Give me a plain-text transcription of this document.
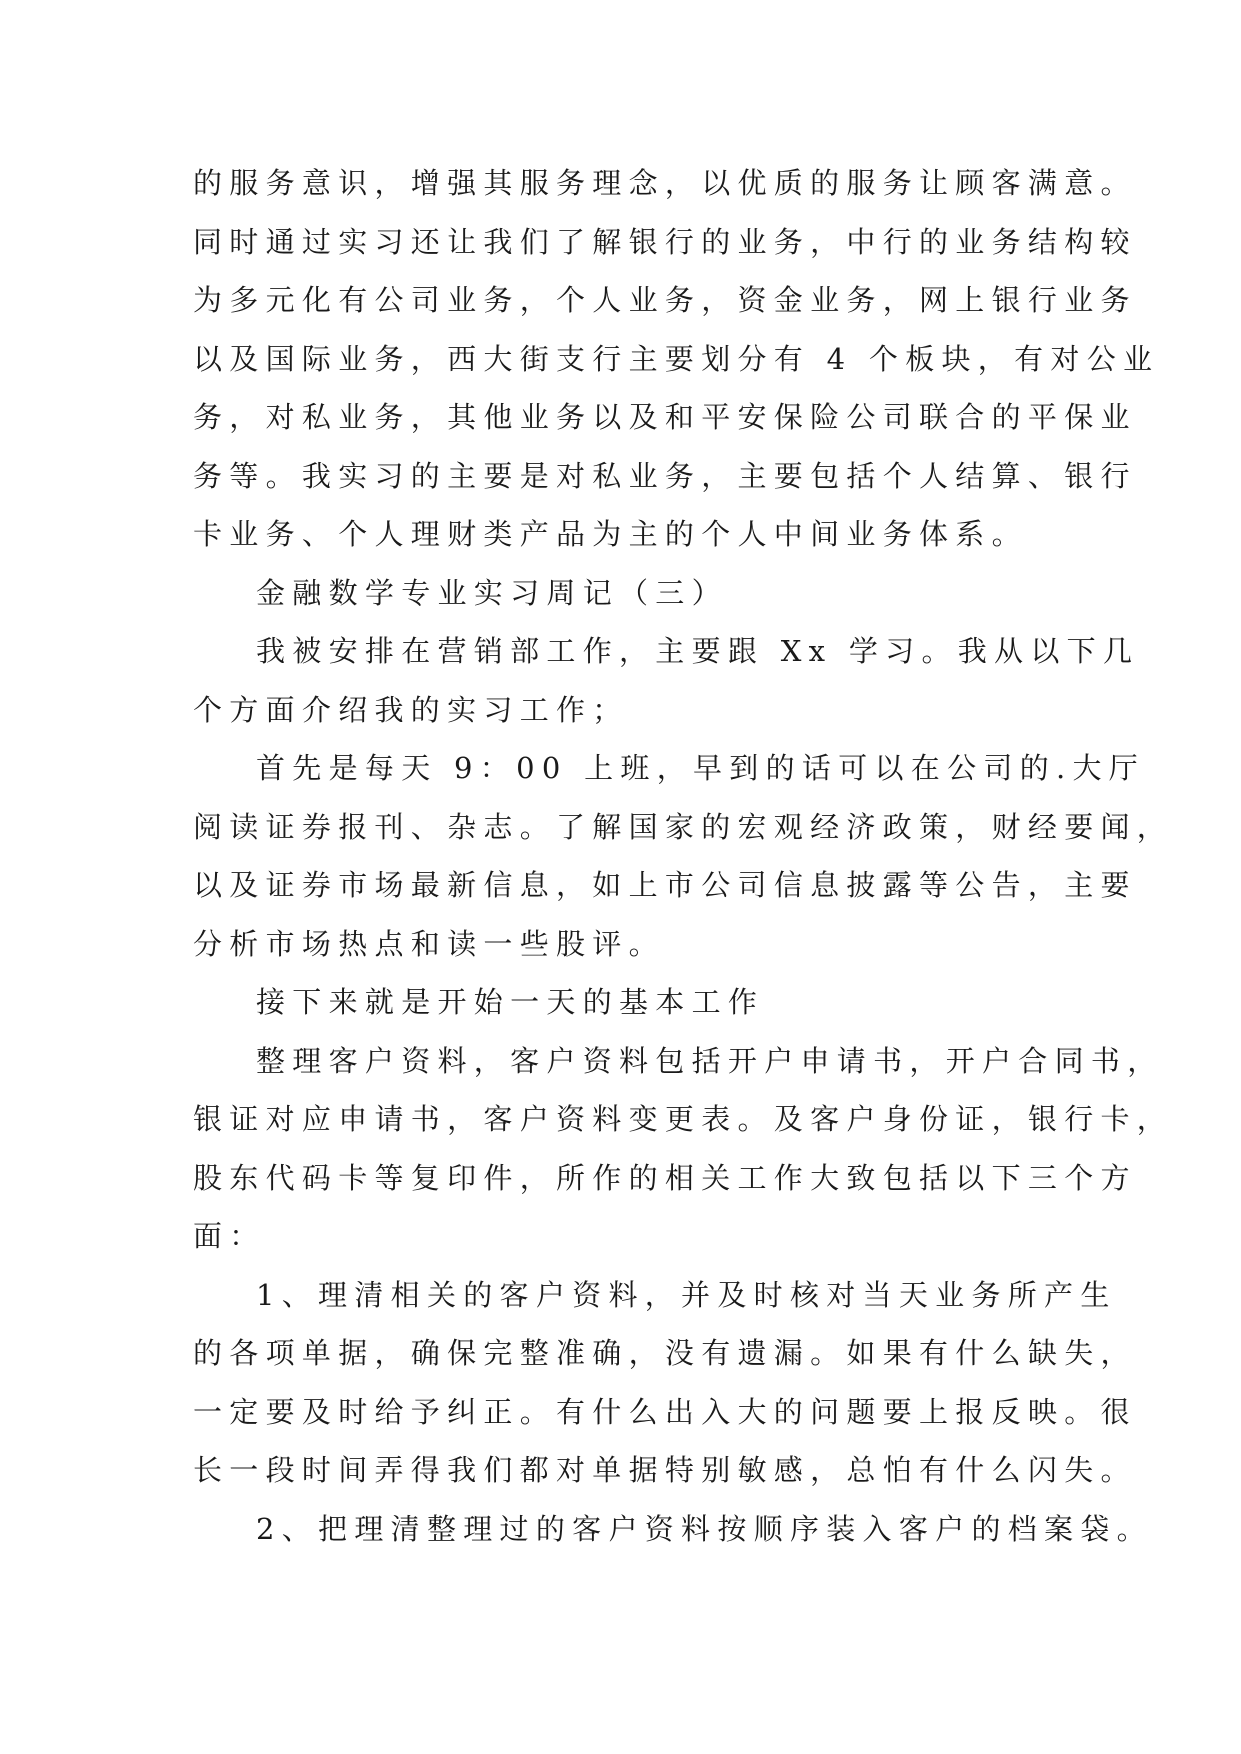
的服务意识，增强其服务理念，以优质的服务让顾客满意。
同时通过实习还让我们了解银行的业务，中行的业务结构较
为多元化有公司业务，个人业务，资金业务，网上银行业务
以及国际业务，西大街支行主要划分有 4 个板块，有对公业
务，对私业务，其他业务以及和平安保险公司联合的平保业
务等。我实习的主要是对私业务，主要包括个人结算、银行
卡业务、个人理财类产品为主的个人中间业务体系。
金融数学专业实习周记（三）
我被安排在营销部工作，主要跟 Xx 学习。我从以下几
个方面介绍我的实习工作；
首先是每天 9：00 上班，早到的话可以在公司的.大厅
阅读证券报刊、杂志。了解国家的宏观经济政策，财经要闻，
以及证券市场最新信息，如上市公司信息披露等公告，主要
分析市场热点和读一些股评。
接下来就是开始一天的基本工作
整理客户资料，客户资料包括开户申请书，开户合同书，
银证对应申请书，客户资料变更表。及客户身份证，银行卡，
股东代码卡等复印件，所作的相关工作大致包括以下三个方
面：
1、理清相关的客户资料，并及时核对当天业务所产生
的各项单据，确保完整准确，没有遗漏。如果有什么缺失，
一定要及时给予纠正。有什么出入大的问题要上报反映。很
长一段时间弄得我们都对单据特别敏感，总怕有什么闪失。
2、把理清整理过的客户资料按顺序装入客户的档案袋。
